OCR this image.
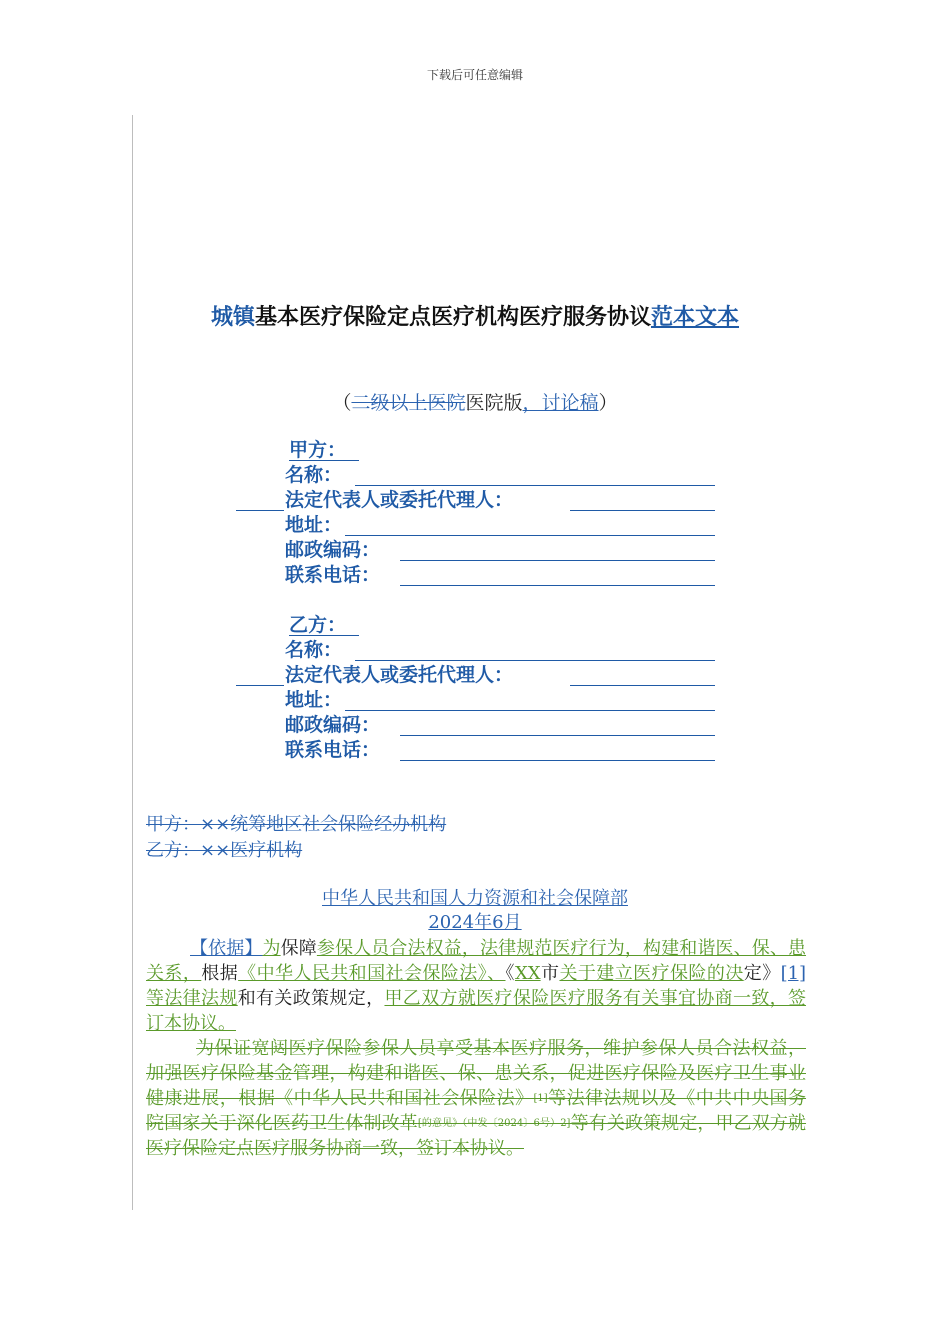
下载后可任意编辑
城镇基本医疗保险定点医疗机构医疗服务协议范本文本
（二级以上医院医院版，讨论稿）
甲方：
名称：
法定代表人或委托代理人：
地址：
邮政编码：
联系电话：
乙方：
名称：
法定代表人或委托代理人：
地址：
邮政编码：
联系电话：
甲方：××统筹地区社会保险经办机构
乙方：××医疗机构
中华人民共和国人力资源和社会保障部
2024年6月
【依据】为保障参保人员合法权益，法律规范医疗行为，构建和谐医、保、患关系，根据《中华人民共和国社会保险法》、《XX市关于建立医疗保险的决定》[1]等法律法规和有关政策规定，甲乙双方就医疗保险医疗服务有关事宜协商一致，签订本协议。
为保证宽闼医疗保险参保人员享受基本医疗服务，维护参保人员合法权益，加强医疗保险基金管理，构建和谐医、保、患关系，促进医疗保险及医疗卫生事业健康进展，根据《中华人民共和国社会保险法》[1]等法律法规以及《中共中央国务院国家关于深化医药卫生体制改革[的意见》（中发〔2024〕6号）2]等有关政策规定，甲乙双方就医疗保险定点医疗服务协商一致，签订本协议。
